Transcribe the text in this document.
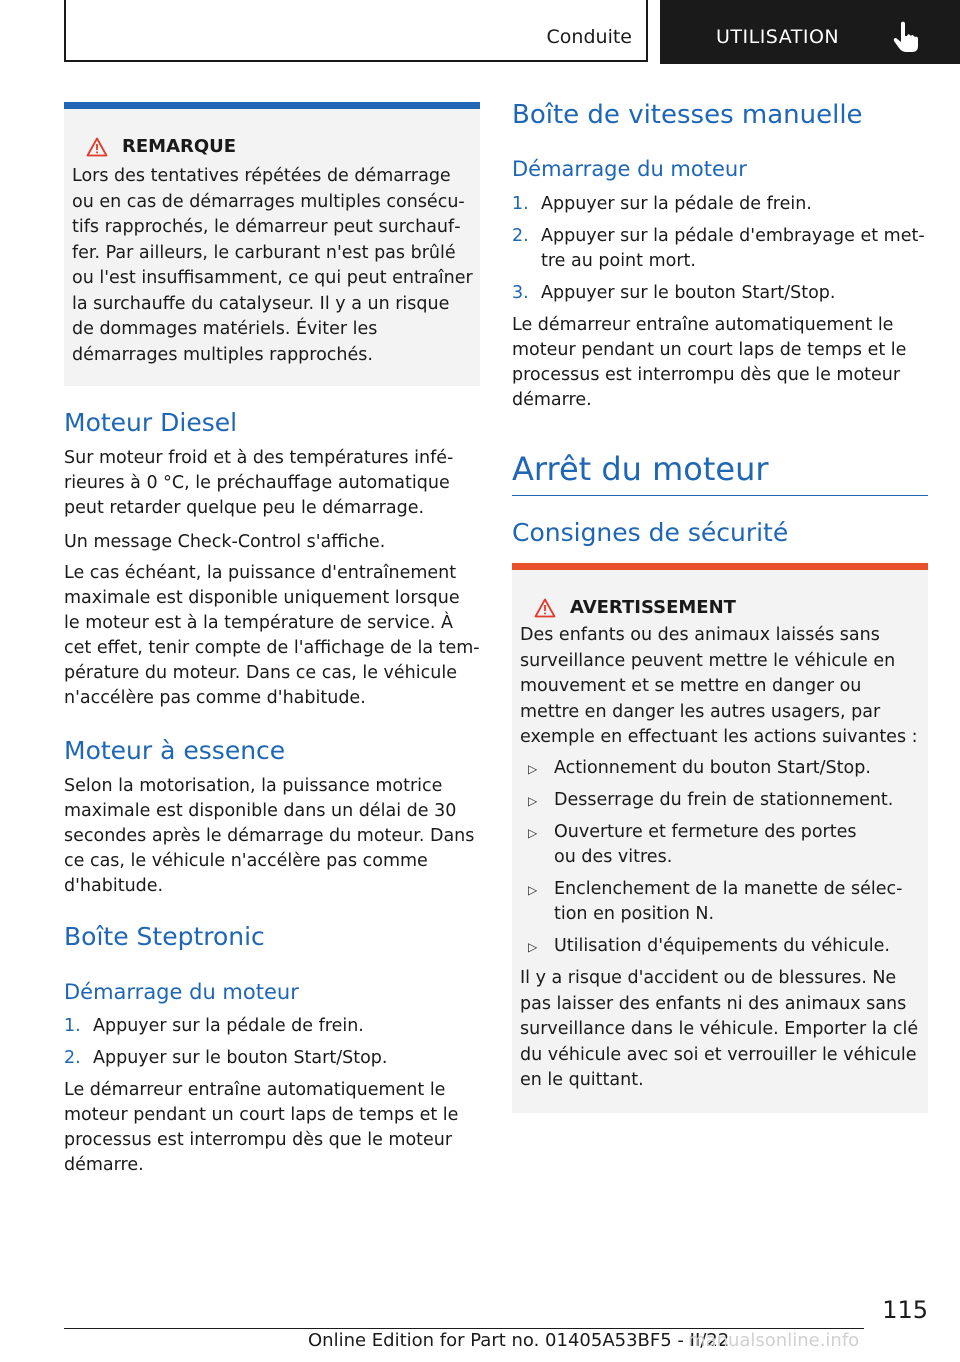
Conduite	UTILISATION
REMARQUE

Lors des tentatives répétées de démarrage ou en cas de démarrages multiples consécu‐tifs rapprochés, le démarreur peut surchauf‐fer. Par ailleurs, le carburant n'est pas brûlé ou l'est insuffisamment, ce qui peut entraîner la surchauffe du catalyseur. Il y a un risque de dommages matériels. Éviter les démarrages multiples rapprochés.

Moteur Diesel

Sur moteur froid et à des températures infé‐rieures à 0 °C, le préchauffage automatique peut retarder quelque peu le démarrage.

Un message Check-Control s'affiche.

Le cas échéant, la puissance d'entraînement maximale est disponible uniquement lorsque le moteur est à la température de service. À cet effet, tenir compte de l'affichage de la tem‐pérature du moteur. Dans ce cas, le véhicule n'accélère pas comme d'habitude.

Moteur à essence

Selon la motorisation, la puissance motrice maximale est disponible dans un délai de 30 secondes après le démarrage du moteur. Dans ce cas, le véhicule n'accélère pas comme d'habitude.

Boîte Steptronic
Démarrage du moteur
1. Appuyer sur la pédale de frein.
2. Appuyer sur le bouton Start/Stop.

Le démarreur entraîne automatiquement le moteur pendant un court laps de temps et le processus est interrompu dès que le moteur démarre.

Boîte de vitesses manuelle
Démarrage du moteur
1. Appuyer sur la pédale de frein.
2. Appuyer sur la pédale d'embrayage et met‐tre au point mort.
3. Appuyer sur le bouton Start/Stop.

Le démarreur entraîne automatiquement le moteur pendant un court laps de temps et le processus est interrompu dès que le moteur démarre.

Arrêt du moteur
Consignes de sécurité
AVERTISSEMENT

Des enfants ou des animaux laissés sans surveillance peuvent mettre le véhicule en mouvement et se mettre en danger ou mettre en danger les autres usagers, par exemple en effectuant les actions suivantes :

▷ Actionnement du bouton Start/Stop.
▷ Desserrage du frein de stationnement.
▷ Ouverture et fermeture des portes ou des vitres.
▷ Enclenchement de la manette de sélec‐tion en position N.
▷ Utilisation d'équipements du véhicule.

Il y a risque d'accident ou de blessures. Ne pas laisser des enfants ni des animaux sans surveillance dans le véhicule. Emporter la clé du véhicule avec soi et verrouiller le véhicule en le quittant.

115
Online Edition for Part no. 01405A53BF5 - II/22
manualsonline.info
